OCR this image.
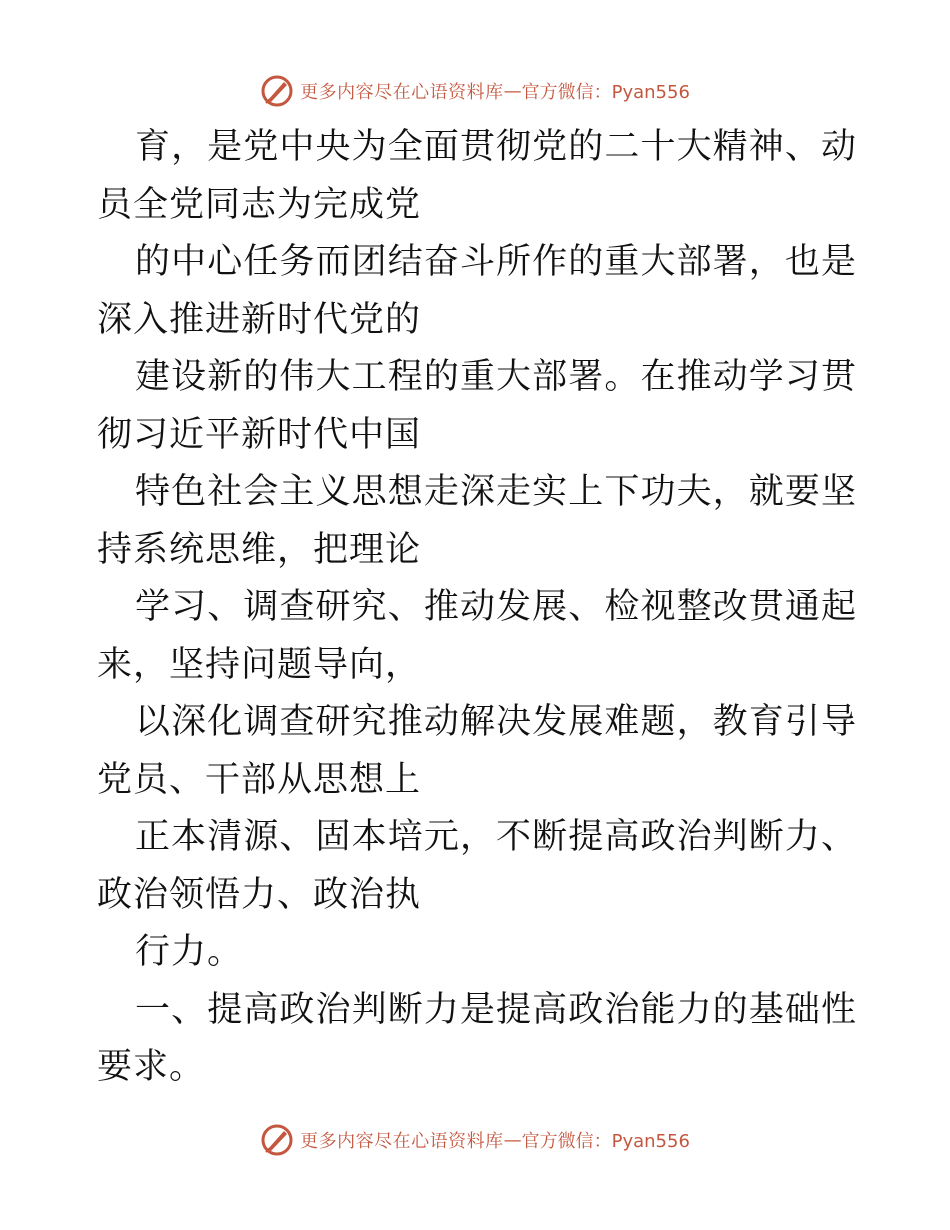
更多内容尽在心语资料库 — 官方微信：Pyan556

育，是党中央为全面贯彻党的二十大精神、动员全党同志为完成党

的中心任务而团结奋斗所作的重大部署，也是深入推进新时代党的

建设新的伟大工程的重大部署。在推动学习贯彻习近平新时代中国

特色社会主义思想走深走实上下功夫，就要坚持系统思维，把理论

学习、调查研究、推动发展、检视整改贯通起来，坚持问题导向，

以深化调查研究推动解决发展难题，教育引导党员、干部从思想上

正本清源、固本培元，不断提高政治判断力、政治领悟力、政治执

行力。

一、提高政治判断力是提高政治能力的基础性要求。

更多内容尽在心语资料库 — 官方微信：Pyan556
